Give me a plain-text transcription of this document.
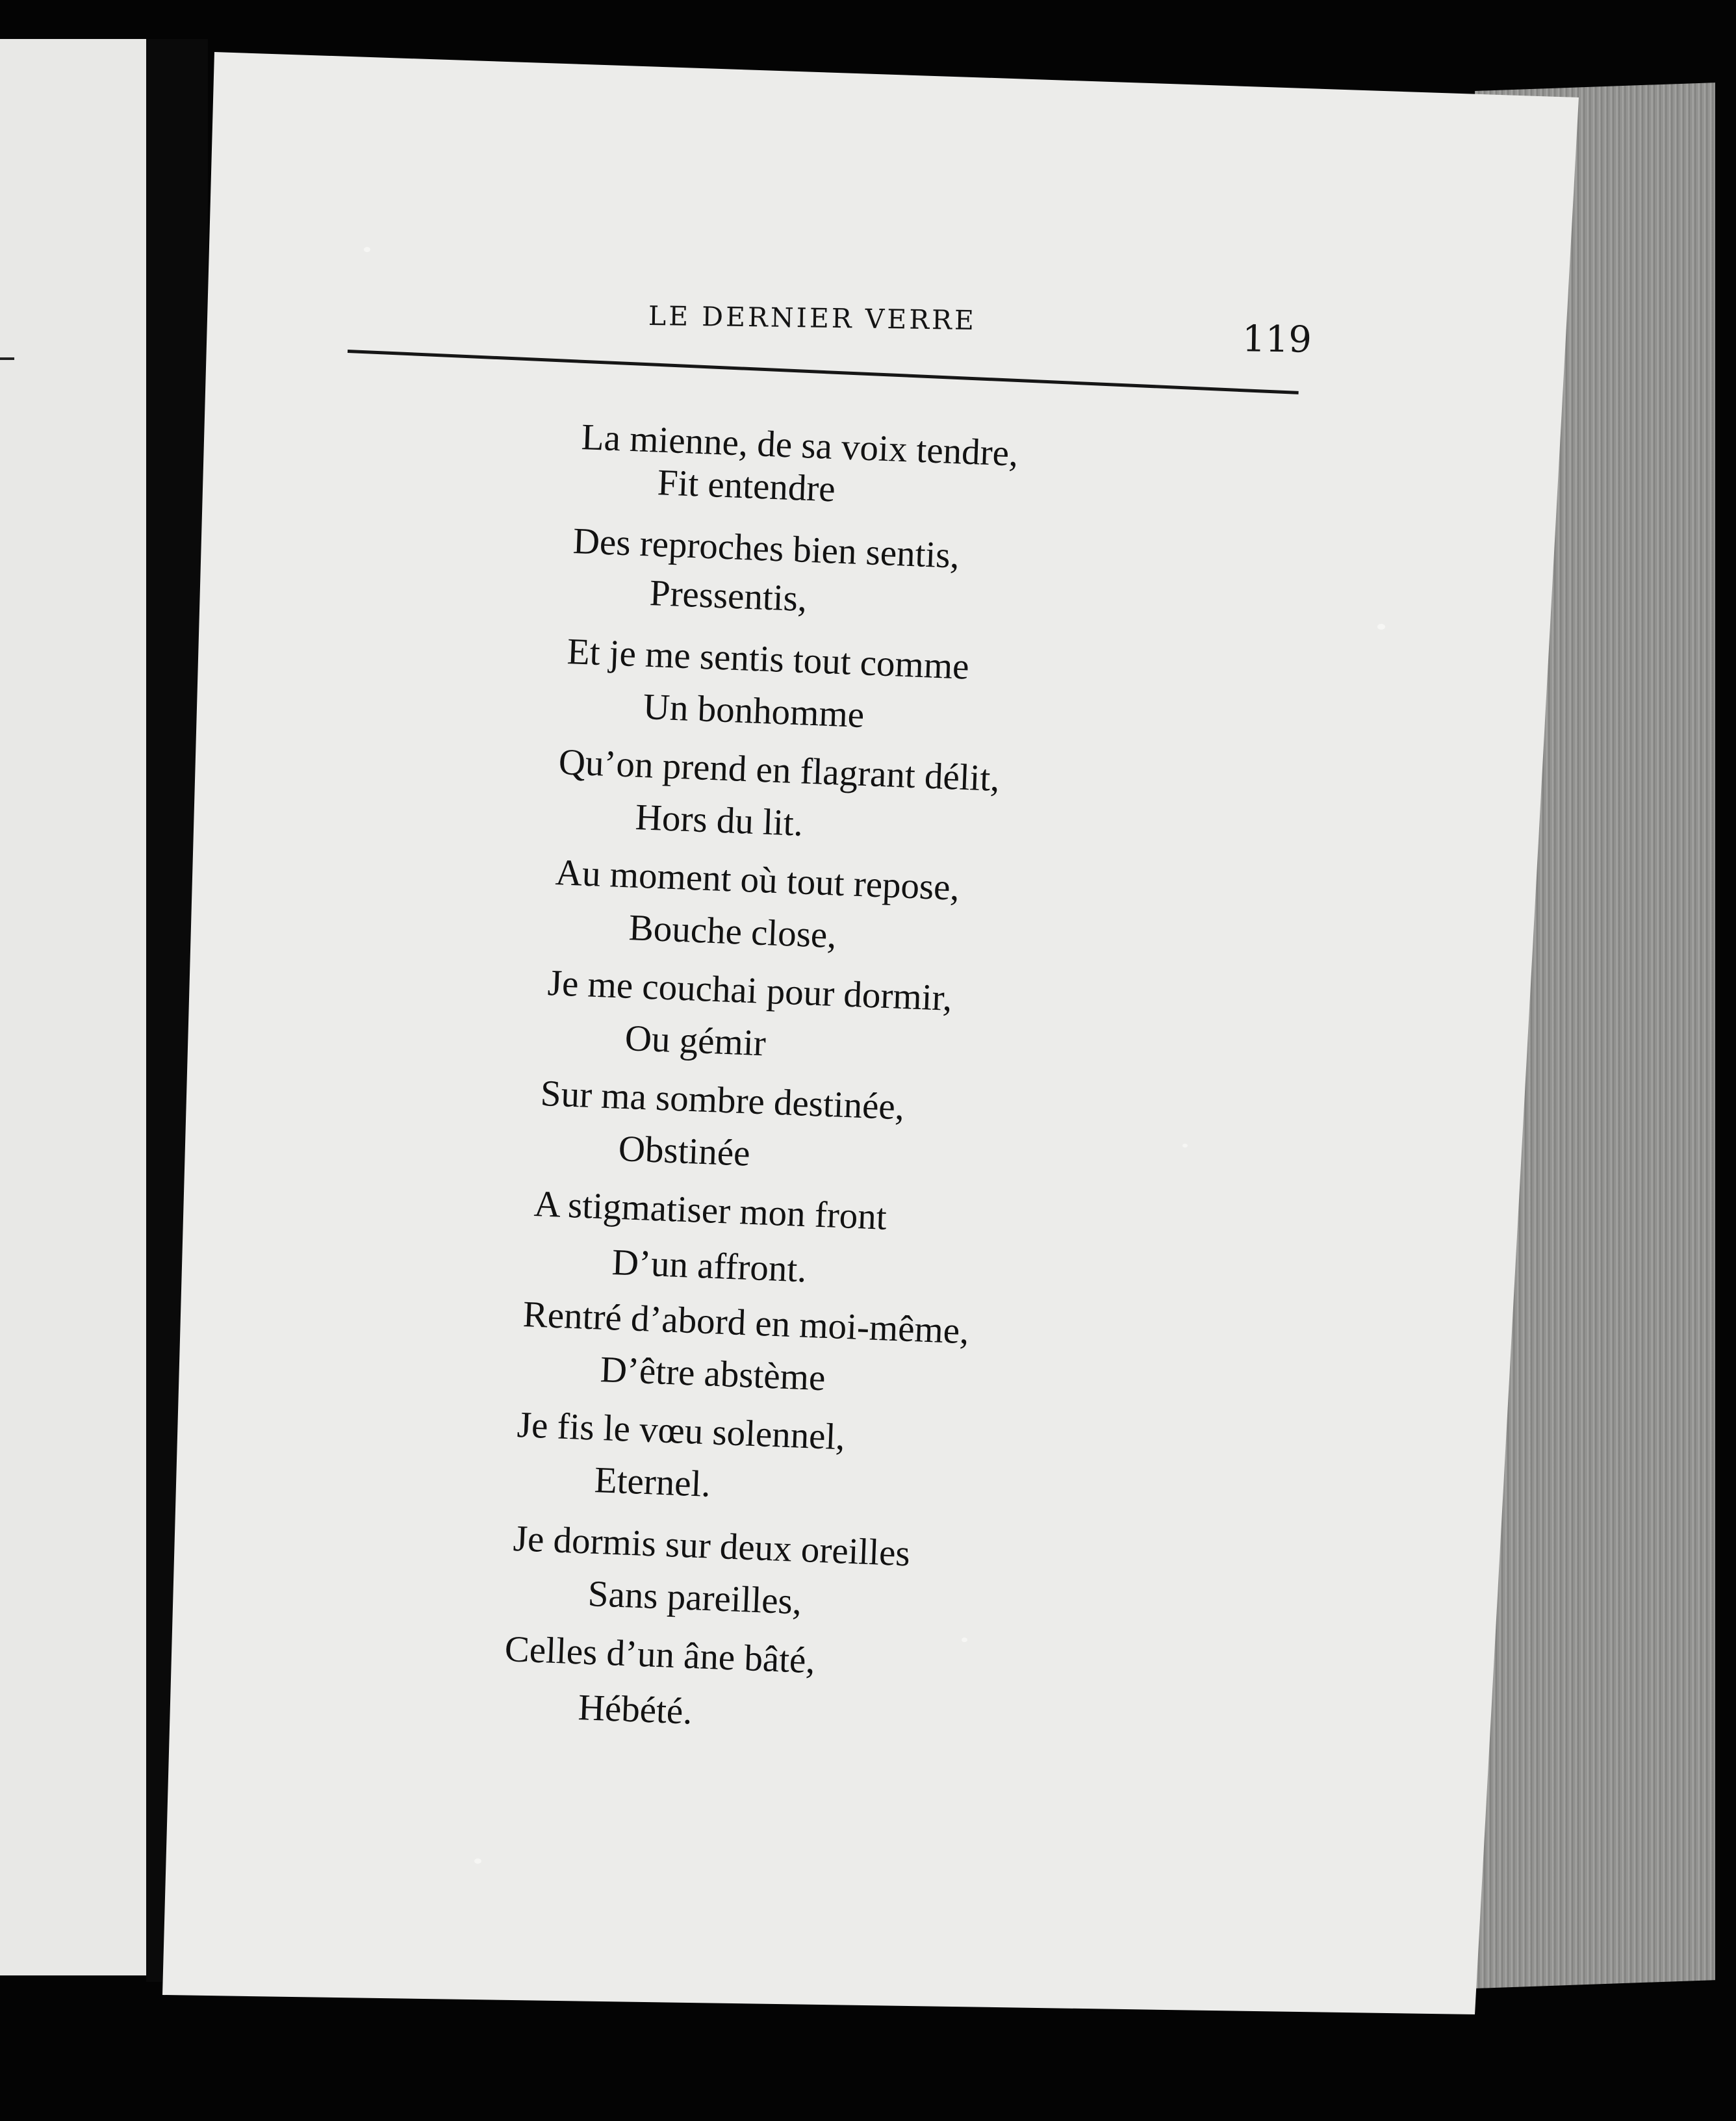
LE DERNIER VERRE	119
La mienne, de sa voix tendre,
Fit entendre
Des reproches bien sentis,
Pressentis,
Et je me sentis tout comme
Un bonhomme
Qu’on prend en flagrant délit,
Hors du lit.
Au moment où tout repose,
Bouche close,
Je me couchai pour dormir,
Ou gémir
Sur ma sombre destinée,
Obstinée
A stigmatiser mon front
D’un affront.
Rentré d’abord en moi-même,
D’être abstème
Je fis le vœu solennel,
Eternel.
Je dormis sur deux oreilles
Sans pareilles,
Celles d’un âne bâté,
Hébété.
